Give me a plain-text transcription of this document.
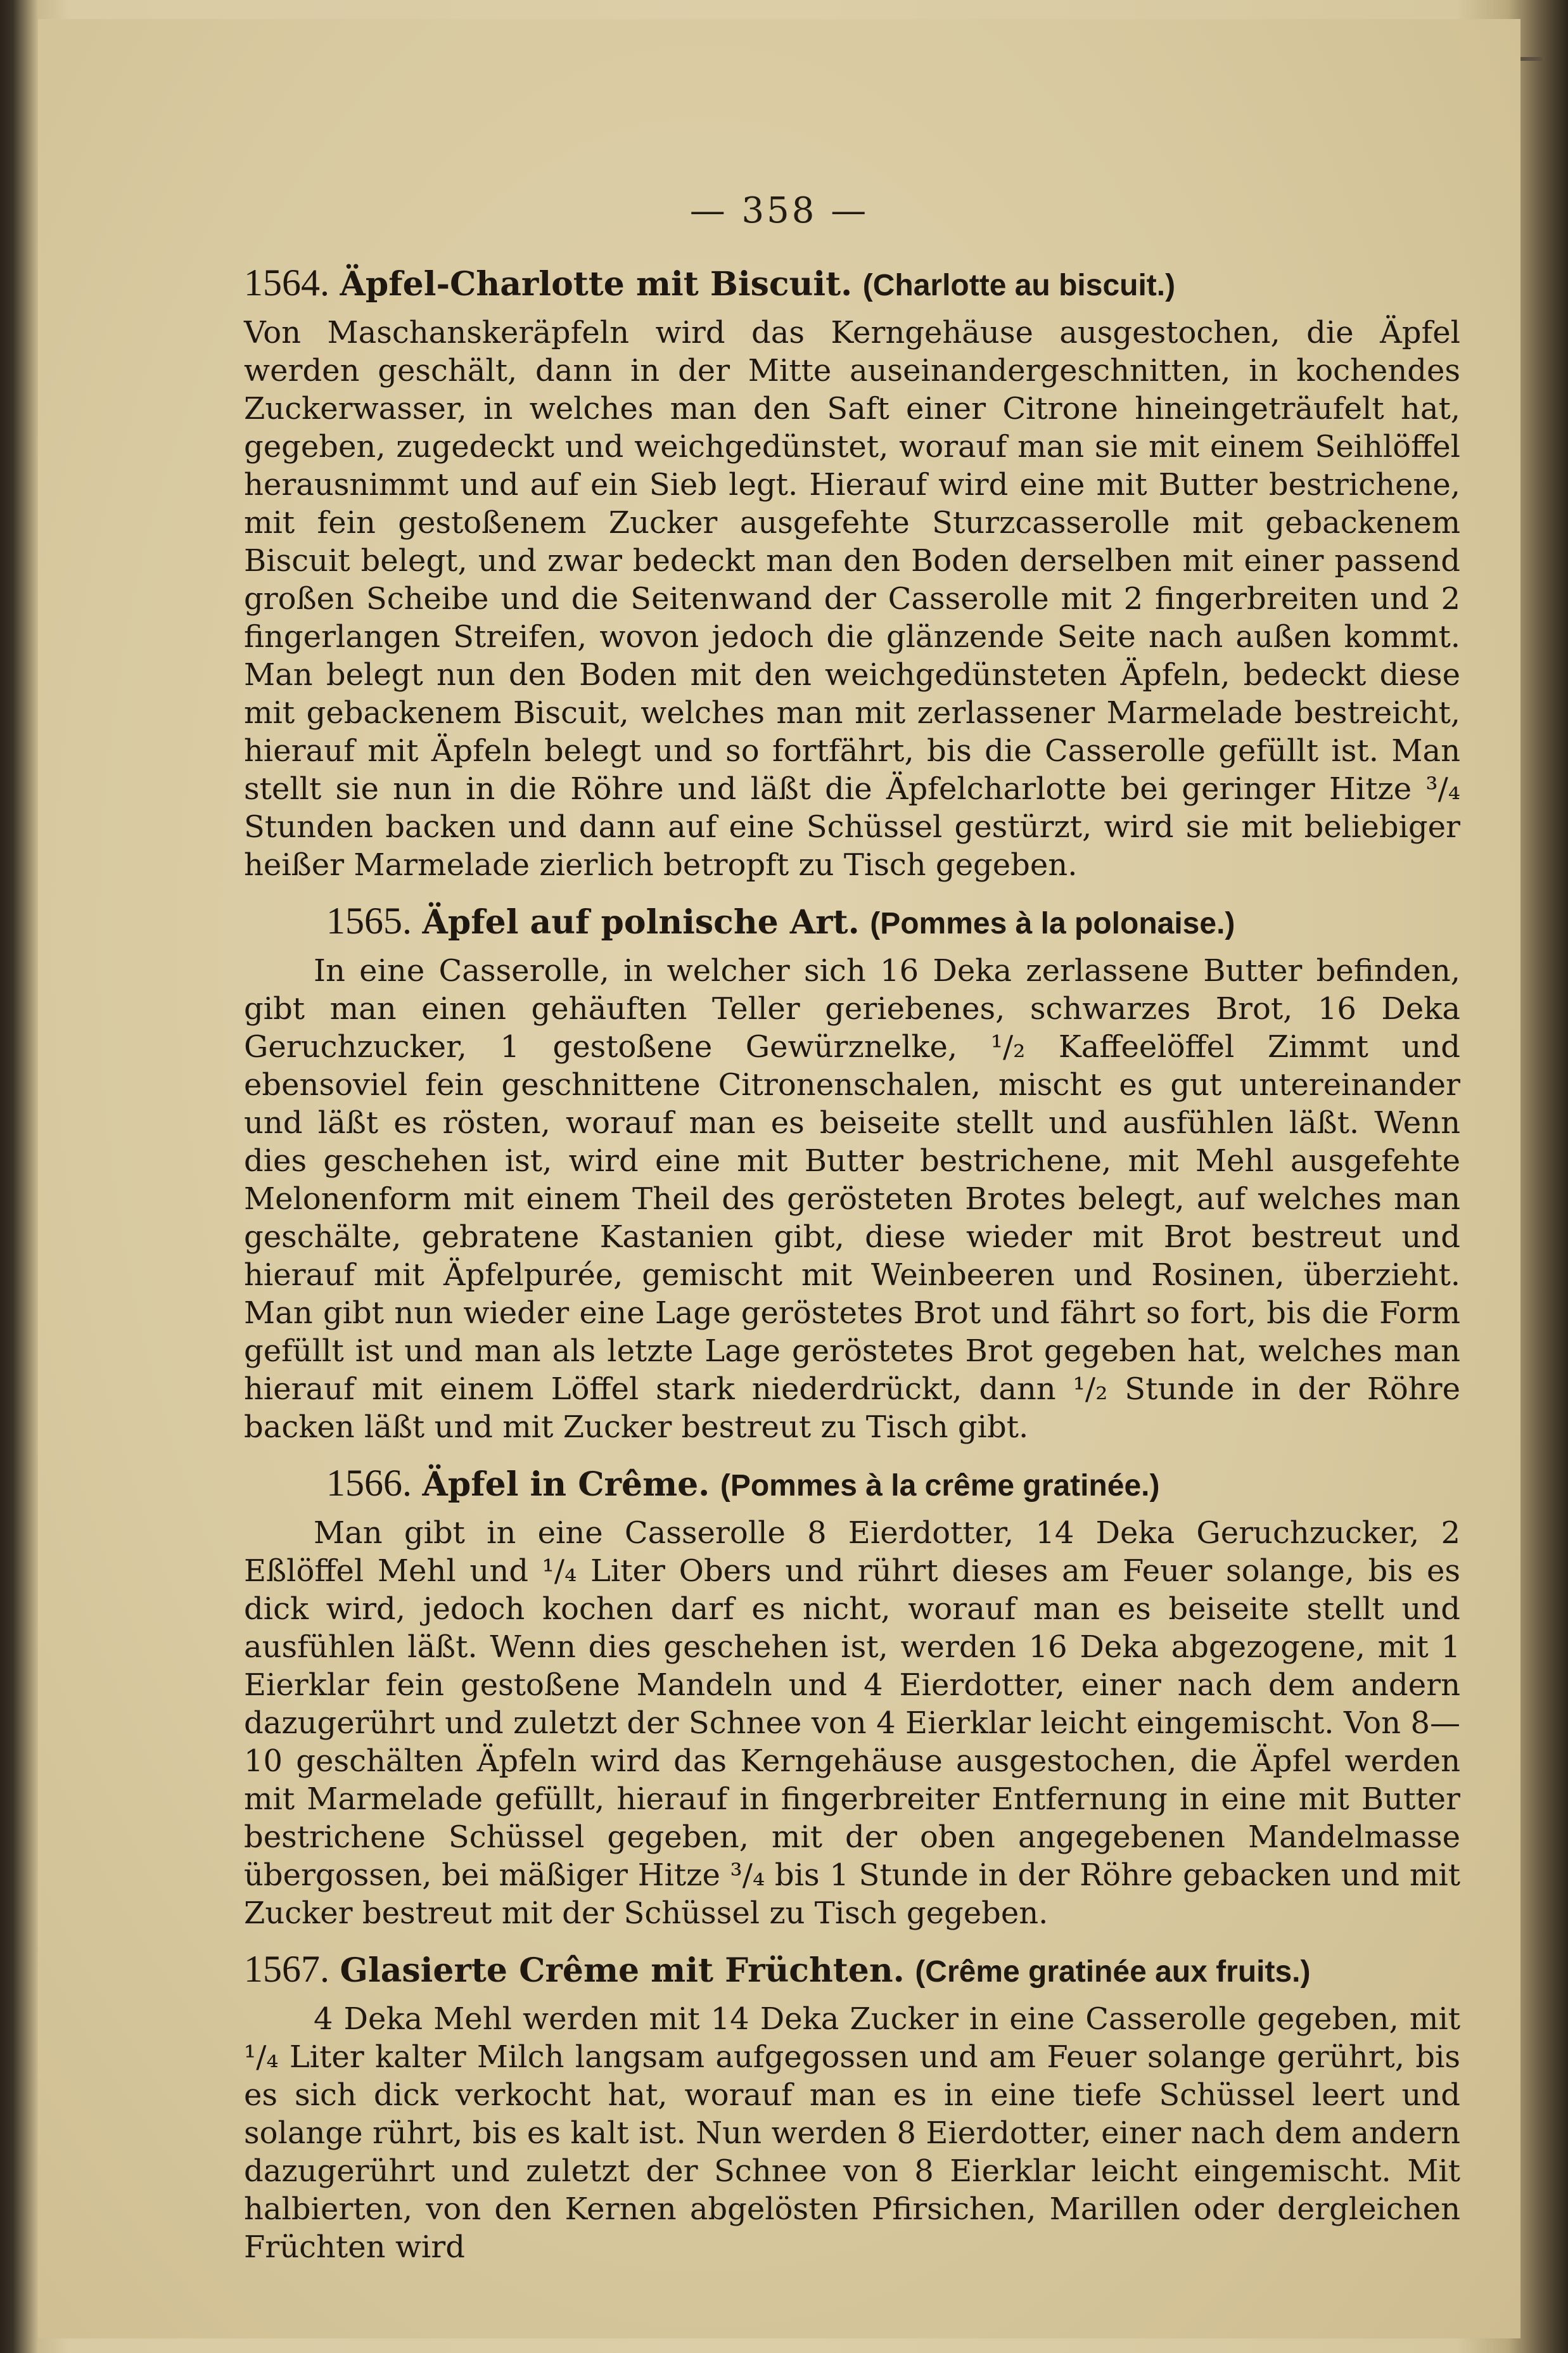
— 358 —
1564. Äpfel-Charlotte mit Biscuit. (Charlotte au biscuit.)
Von Maschanskeräpfeln wird das Kerngehäuse ausgestochen, die Äpfel werden geschält, dann in der Mitte auseinandergeschnitten, in kochendes Zuckerwasser, in welches man den Saft einer Citrone hineingeträufelt hat, gegeben, zugedeckt und weichgedünstet, worauf man sie mit einem Seihlöffel herausnimmt und auf ein Sieb legt. Hierauf wird eine mit Butter bestrichene, mit fein gestoßenem Zucker ausgefehte Sturzcasserolle mit gebackenem Biscuit belegt, und zwar bedeckt man den Boden derselben mit einer passend großen Scheibe und die Seitenwand der Casserolle mit 2 fingerbreiten und 2 fingerlangen Streifen, wovon jedoch die glänzende Seite nach außen kommt. Man belegt nun den Boden mit den weichgedünsteten Äpfeln, bedeckt diese mit gebackenem Biscuit, welches man mit zerlassener Marmelade bestreicht, hierauf mit Äpfeln belegt und so fortfährt, bis die Casserolle gefüllt ist. Man stellt sie nun in die Röhre und läßt die Äpfelcharlotte bei geringer Hitze ³/₄ Stunden backen und dann auf eine Schüssel gestürzt, wird sie mit beliebiger heißer Marmelade zierlich betropft zu Tisch gegeben.
1565. Äpfel auf polnische Art. (Pommes à la polonaise.)
In eine Casserolle, in welcher sich 16 Deka zerlassene Butter befinden, gibt man einen gehäuften Teller geriebenes, schwarzes Brot, 16 Deka Geruchzucker, 1 gestoßene Gewürznelke, ¹/₂ Kaffeelöffel Zimmt und ebensoviel fein geschnittene Citronenschalen, mischt es gut untereinander und läßt es rösten, worauf man es beiseite stellt und ausfühlen läßt. Wenn dies geschehen ist, wird eine mit Butter bestrichene, mit Mehl ausgefehte Melonenform mit einem Theil des gerösteten Brotes belegt, auf welches man geschälte, gebratene Kastanien gibt, diese wieder mit Brot bestreut und hierauf mit Äpfelpurée, gemischt mit Weinbeeren und Rosinen, überzieht. Man gibt nun wieder eine Lage geröstetes Brot und fährt so fort, bis die Form gefüllt ist und man als letzte Lage geröstetes Brot gegeben hat, welches man hierauf mit einem Löffel stark niederdrückt, dann ¹/₂ Stunde in der Röhre backen läßt und mit Zucker bestreut zu Tisch gibt.
1566. Äpfel in Crême. (Pommes à la crême gratinée.)
Man gibt in eine Casserolle 8 Eierdotter, 14 Deka Geruchzucker, 2 Eßlöffel Mehl und ¹/₄ Liter Obers und rührt dieses am Feuer solange, bis es dick wird, jedoch kochen darf es nicht, worauf man es beiseite stellt und ausfühlen läßt. Wenn dies geschehen ist, werden 16 Deka abgezogene, mit 1 Eierklar fein gestoßene Mandeln und 4 Eierdotter, einer nach dem andern dazugerührt und zuletzt der Schnee von 4 Eierklar leicht eingemischt. Von 8—10 geschälten Äpfeln wird das Kerngehäuse ausgestochen, die Äpfel werden mit Marmelade gefüllt, hierauf in fingerbreiter Entfernung in eine mit Butter bestrichene Schüssel gegeben, mit der oben angegebenen Mandelmasse übergossen, bei mäßiger Hitze ³/₄ bis 1 Stunde in der Röhre gebacken und mit Zucker bestreut mit der Schüssel zu Tisch gegeben.
1567. Glasierte Crême mit Früchten. (Crême gratinée aux fruits.)
4 Deka Mehl werden mit 14 Deka Zucker in eine Casserolle gegeben, mit ¹/₄ Liter kalter Milch langsam aufgegossen und am Feuer solange gerührt, bis es sich dick verkocht hat, worauf man es in eine tiefe Schüssel leert und solange rührt, bis es kalt ist. Nun werden 8 Eierdotter, einer nach dem andern dazugerührt und zuletzt der Schnee von 8 Eierklar leicht eingemischt. Mit halbierten, von den Kernen abgelösten Pfirsichen, Marillen oder dergleichen Früchten wird
